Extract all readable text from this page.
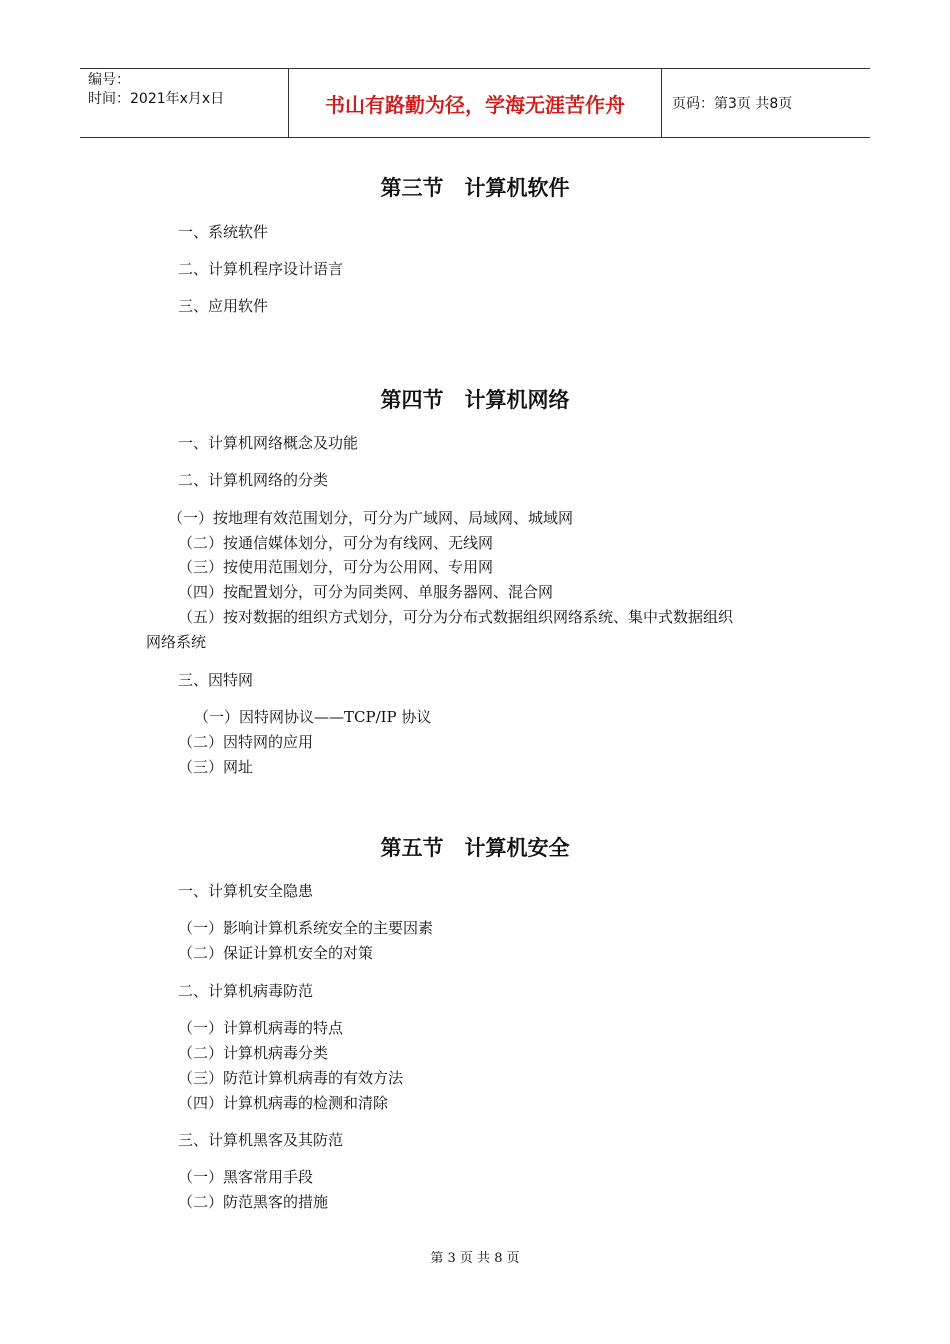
编号：
时间：2021年x月x日	书山有路勤为径，学海无涯苦作舟	页码：第3页 共8页
第三节　计算机软件
一、系统软件
二、计算机程序设计语言
三、应用软件
第四节　计算机网络
一、计算机网络概念及功能
二、计算机网络的分类
（一）按地理有效范围划分，可分为广域网、局域网、城域网
（二）按通信媒体划分，可分为有线网、无线网
（三）按使用范围划分，可分为公用网、专用网
（四）按配置划分，可分为同类网、单服务器网、混合网
（五）按对数据的组织方式划分，可分为分布式数据组织网络系统、集中式数据组织
网络系统
三、因特网
（一）因特网协议——TCP/IP 协议
（二）因特网的应用
（三）网址
第五节　计算机安全
一、计算机安全隐患
（一）影响计算机系统安全的主要因素
（二）保证计算机安全的对策
二、计算机病毒防范
（一）计算机病毒的特点
（二）计算机病毒分类
（三）防范计算机病毒的有效方法
（四）计算机病毒的检测和清除
三、计算机黑客及其防范
（一）黑客常用手段
（二）防范黑客的措施
第 3 页 共 8 页
